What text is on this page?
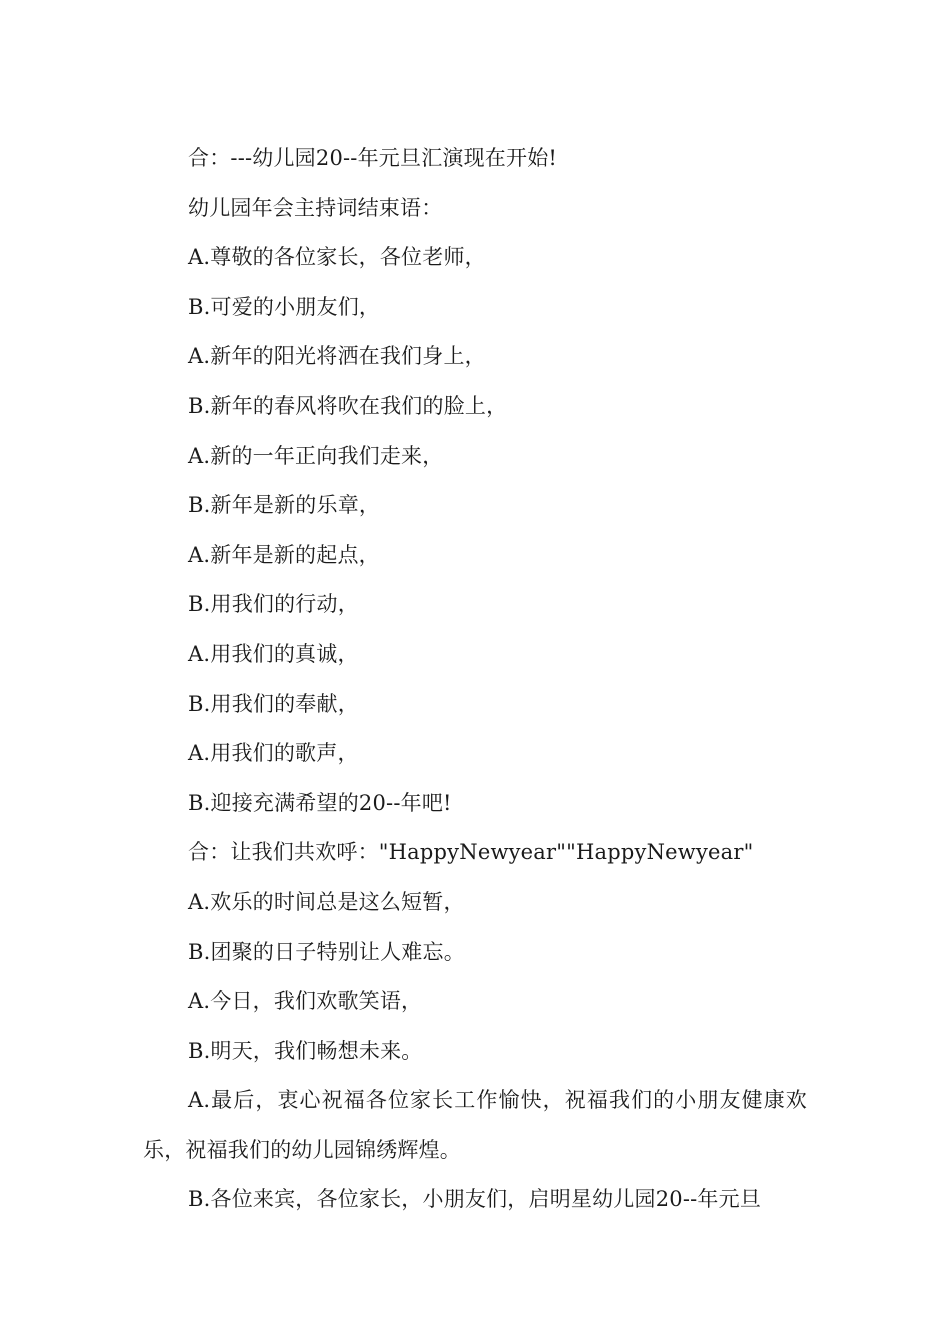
合：---幼儿园20--年元旦汇演现在开始!

幼儿园年会主持词结束语：

A.尊敬的各位家长，各位老师，

B.可爱的小朋友们，

A.新年的阳光将洒在我们身上，

B.新年的春风将吹在我们的脸上，

A.新的一年正向我们走来，

B.新年是新的乐章，

A.新年是新的起点，

B.用我们的行动，

A.用我们的真诚，

B.用我们的奉献，

A.用我们的歌声，

B.迎接充满希望的20--年吧!

合：让我们共欢呼："HappyNewyear""HappyNewyear"

A.欢乐的时间总是这么短暂，

B.团聚的日子特别让人难忘。

A.今日，我们欢歌笑语，

B.明天，我们畅想未来。

A.最后，衷心祝福各位家长工作愉快，祝福我们的小朋友健康欢乐，祝福我们的幼儿园锦绣辉煌。

B.各位来宾，各位家长，小朋友们，启明星幼儿园20--年元旦
